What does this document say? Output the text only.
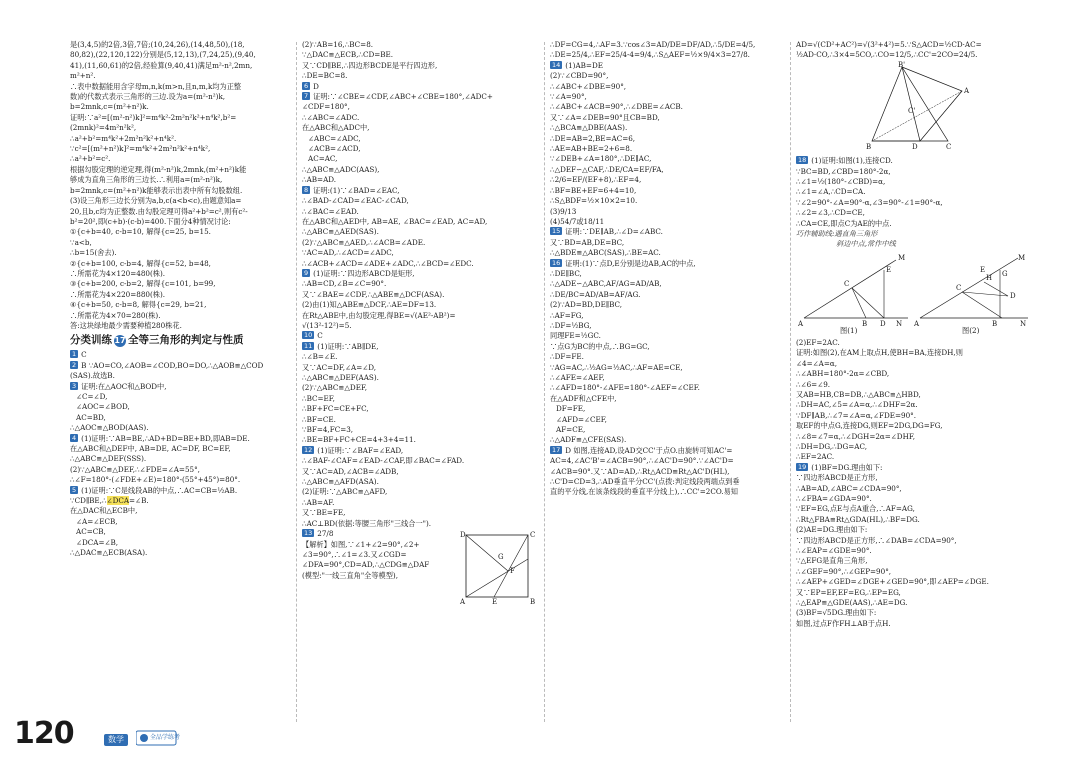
是(3,4,5)的2倍,3倍,7倍;(10,24,26),(14,48,50),(18,
80,82),(22,120,122)分别是(5,12,13),(7,24,25),(9,40,
41),(11,60,61)的2倍,经验算(9,40,41)满足m²-n²,2mn,
m²+n².
∴表中数据能用含字母m,n,k(m>n,且n,m,k均为正整
数)的代数式表示三角形的三边.设为a=(m²-n²)k,
b=2mnk,c=(m²+n²)k.
证明:∵a²=[(m²-n²)k]²=m⁴k²-2m²n²k²+n⁴k²,b²=
(2mnk)²=4m²n²k²,
∴a²+b²=m⁴k²+2m²n²k²+n⁴k².
∵c²=[(m²+n²)k]²=m⁴k²+2m²n²k²+n⁴k²,
∴a²+b²=c².
根据勾股定理的逆定理,得(m²-n²)k,2mnk,(m²+n²)k能
够成为直角三角形的三边长.∴利用a=(m²-n²)k,
b=2mnk,c=(m²+n²)k能够表示出表中所有勾股数组.
(3)设三角形三边长分别为a,b,c(a<b<c),由题意知a=
20,且b,c均为正整数.由勾股定理可得a²+b²=c²,则有c²-
b²=20²,即(c+b)·(c-b)=400.下面分4种情况讨论:
①{c+b=40, c-b=10, 解得{c=25, b=15.
∵a<b,
∴b=15(舍去).
②{c+b=100, c-b=4, 解得{c=52, b=48,
∴所需花为4×120=480(株).
③{c+b=200, c-b=2, 解得{c=101, b=99,
∴所需花为4×220=880(株).
④{c+b=50, c-b=8, 解得{c=29, b=21,
∴所需花为4×70=280(株).
答:这块绿地最少需要种植280株花.
分类训练 17 全等三角形的判定与性质
1 C
2 B ∵AO=CO,∠AOB=∠COD,BO=DO,∴△AOB≌△COD
(SAS).故选B.
3 证明:在△AOC和△BOD中,
∠C=∠D,
∠AOC=∠BOD,
AC=BD,
∴△AOC≌△BOD(AAS).
4 (1)证明:∵AB=BE,∴AD+BD=BE+BD,即AB=DE.
在△ABC和△DEF中, AB=DE, AC=DF, BC=EF,
∴△ABC≌△DEF(SSS).
(2)∵△ABC≌△DEF,∴∠FDE=∠A=55°,
∴∠F=180°-(∠FDE+∠E)=180°-(55°+45°)=80°.
5 (1)证明:∵C是线段AB的中点,∴AC=CB=½AB.
∵CD∥BE,∴∠DCA=∠B.
在△DAC和△ECB中,
∠A=∠ECB,
AC=CB,
∠DCA=∠B,
∴△DAC≌△ECB(ASA).
(2)∵AB=16,∴BC=8.
∵△DAC≌△ECB,∴CD=BE.
又∵CD∥BE,∴四边形BCDE是平行四边形,
∴DE=BC=8.
6 D
7 证明:∵∠CBE=∠CDF,∠ABC+∠CBE=180°,∠ADC+
∠CDF=180°,
∴∠ABC=∠ADC.
在△ABC和△ADC中,
∠ABC=∠ADC,
∠ACB=∠ACD,
AC=AC,
∴△ABC≌△ADC(AAS),
∴AB=AD.
8 证明:(1)∵∠BAD=∠EAC,
∴∠BAD-∠CAD=∠EAC-∠CAD,
∴∠BAC=∠EAD.
在△ABC和△AED中, AB=AE, ∠BAC=∠EAD, AC=AD,
∴△ABC≌△AED(SAS).
(2)∵△ABC≌△AED,∴∠ACB=∠ADE.
∵AC=AD,∴∠ACD=∠ADC,
∴∠ACB+∠ACD=∠ADE+∠ADC,∴∠BCD=∠EDC.
9 (1)证明:∵四边形ABCD是矩形,
∴AB=CD,∠B=∠C=90°.
又∵∠BAE=∠CDF,∴△ABE≌△DCF(ASA).
(2)由(1)知△ABE≌△DCF,∴AE=DF=13.
在Rt△ABE中,由勾股定理,得BE=√(AE²-AB²)=
√(13²-12²)=5.
10 C
11 (1)证明:∵AB∥DE,
∴∠B=∠E.
又∵AC=DF,∠A=∠D,
∴△ABC≌△DEF(AAS).
(2)∵△ABC≌△DEF,
∴BC=EF,
∴BF+FC=CE+FC,
∴BF=CE.
∵BF=4,FC=3,
∴BE=BF+FC+CE=4+3+4=11.
12 (1)证明:∵∠BAF=∠EAD,
∴∠BAF-∠CAF=∠EAD-∠CAF,即∠BAC=∠FAD.
又∵AC=AD,∠ACB=∠ADB,
∴△ABC≌△AFD(ASA).
(2)证明:∵△ABC≌△AFD,
∴AB=AF.
又∵BE=FE,
∴AC⊥BD(依据:等腰三角形"三线合一").
13 27/8
【解析】如图,∵∠1+∠2=90°,∠2+
∠3=90°,∴∠1=∠3.又∠CGD=
∠DFA=90°,CD=AD,∴△CDG≌△DAF
(模型:"一线三直角"全等模型),
D	C
A	E	B
F
G
∴DF=CG=4,∴AF=3.∵cos∠3=AD/DE=DF/AD,∴5/DE=4/5,
∴DE=25/4,∴EF=25/4-4=9/4,∴S△AEF=½×9/4×3=27/8.
14 (1)AB=DE
(2)∵∠CBD=90°,
∴∠ABC+∠DBE=90°,
∵∠A=90°,
∴∠ABC+∠ACB=90°,∴∠DBE=∠ACB.
又∵∠A=∠DEB=90°且CB=BD,
∴△BCA≌△DBE(AAS).
∴DE=AB=2,BE=AC=6,
∴AE=AB+BE=2+6=8.
∵∠DEB+∠A=180°,∴DE∥AC,
∴△DEF∽△CAF,∴DE/CA=EF/FA,
∴2/6=EF/(EF+8),∴EF=4,
∴BF=BE+EF=6+4=10,
∴S△BDF=½×10×2=10.
(3)9/13
(4)54/7或18/11
15 证明:∵DE∥AB,∴∠D=∠ABC.
又∵BD=AB,DE=BC,
∴△BDE≌△ABC(SAS),∴BE=AC.
16 证明:(1)∵点D,E分别是边AB,AC的中点,
∴DE∥BC,
∴△ADE∽△ABC,AF/AG=AD/AB,
∴DE/BC=AD/AB=AF/AG.
(2)∵AD=BD,DE∥BC,
∴AF=FG,
∴DF=½BG,
同理FE=½GC.
∵点G为BC的中点,∴BG=GC,
∴DF=FE.
∵AG=AC,∴½AG=½AC,∴AF=AE=CE,
∴∠AFE=∠AEF,
∴∠AFD=180°-∠AFE=180°-∠AEF=∠CEF.
在△ADF和△CFE中,
DF=FE,
∠AFD=∠CEF,
AF=CE,
∴△ADF≌△CFE(SAS).
17 D 如图,连接AD,设AD交CC'于点O.由旋转可知AC'=
AC=4,∠AC'B'=∠ACB=90°,∴∠AC'D=90°.∵∠AC'D=
∠ACB=90°.又∵AD=AD,∴Rt△ACD≌Rt△AC'D(HL),
∴C'D=CD=3,∴AD垂直平分CC'(点拨:判定线段两端点到垂
直的平分线,在该条线段的垂直平分线上),∴CC'=2CO.易知
AD=√(CD²+AC²)=√(3²+4²)=5.∵S△ACD=½CD·AC=
½AD·CO,∴3×4=5CO,∴CO=12/5,∴CC'=2CO=24/5.
B'
A
C'
B	D	C
18 (1)证明:如图(1),连接CD.
∵BC=BD,∠CBD=180°-2α,
∴∠1=½(180°-∠CBD)=α,
∴∠1=∠A,∴CD=CA.
∵∠2=90°-∠A=90°-α,∠3=90°-∠1=90°-α,
∴∠2=∠3,∴CD=CE,
∴CA=CE,即点C为AE的中点.
巧作辅助线:遇直角三角形
斜边中点,常作中线
A	B D N
C
E
M
A	B	N
C
D
H G
E
M
图(1)	图(2)
(2)EF=2AC.
证明:如图(2),在AM上取点H,使BH=BA,连接DH,则
∠4=∠A=α,
∴∠ABH=180°-2α=∠CBD,
∴∠6=∠9.
又AB=HB,CB=DB,∴△ABC≌△HBD,
∴DH=AC,∠5=∠A=α,∴∠DHF=2α.
∵DF∥AB,∴∠7=∠A=α,∠FDE=90°.
取EF的中点G,连接DG,则EF=2DG,DG=FG,
∴∠8=∠7=α,∴∠DGH=2α=∠DHF,
∴DH=DG,∴DG=AC,
∴EF=2AC.
19 (1)BF=DG.理由如下:
∵四边形ABCD是正方形,
∴AB=AD,∠ABC=∠CDA=90°,
∴∠FBA=∠GDA=90°.
∵EF=EG,点E与点A重合,∴AF=AG,
∴Rt△FBA≌Rt△GDA(HL),∴BF=DG.
(2)AE=DG.理由如下:
∵四边形ABCD是正方形,∴∠DAB=∠CDA=90°,
∴∠EAP=∠GDE=90°.
∵△EFG是直角三角形,
∴∠GEF=90°,∴∠GEP=90°,
∴∠AEP+∠GED=∠DGE+∠GED=90°,即∠AEP=∠DGE.
又∵EP=EF,EF=EG,∴EP=EG,
∴△EAP≌△GDE(AAS),∴AE=DG.
(3)BF=√5DG.理由如下:
如图,过点F作FH⊥AB于点H.
120	数学	全品学练考
